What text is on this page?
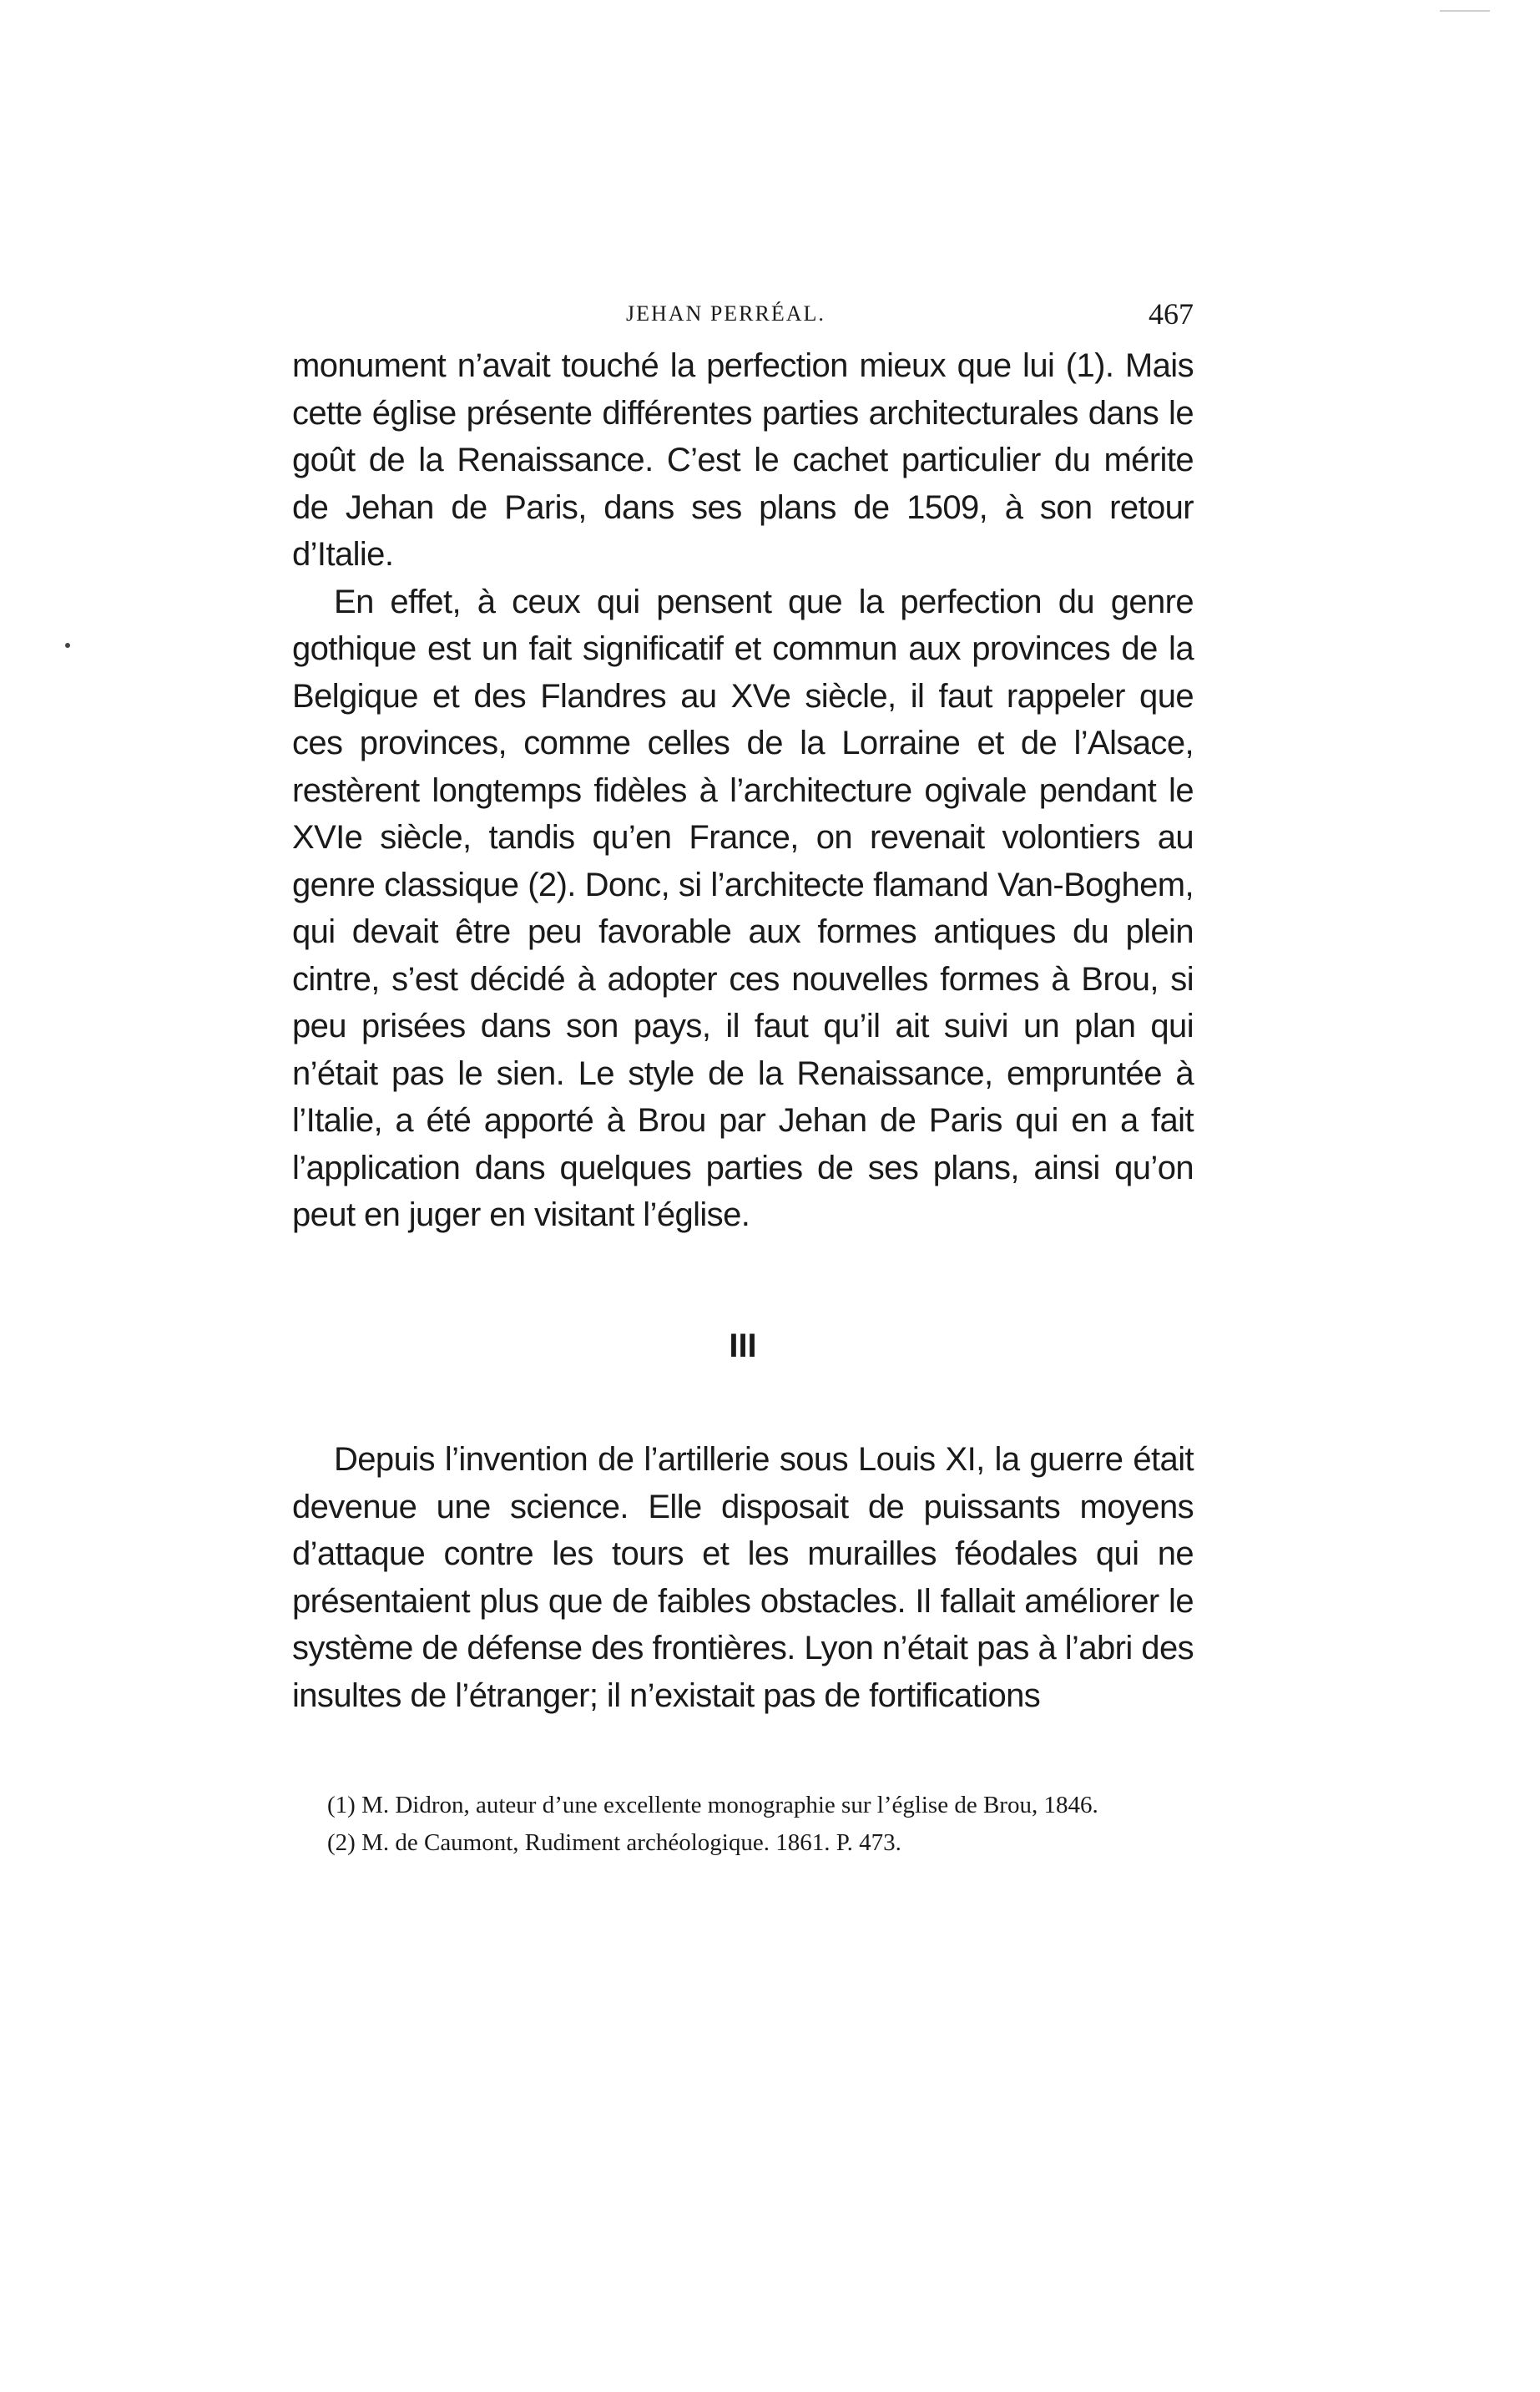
JEHAN PERRÉAL.	467

monument n’avait touché la perfection mieux que lui (1). Mais cette église présente différentes parties architecturales dans le goût de la Renaissance. C’est le cachet particulier du mérite de Jehan de Paris, dans ses plans de 1509, à son retour d’Italie.

En effet, à ceux qui pensent que la perfection du genre gothique est un fait significatif et commun aux provinces de la Belgique et des Flandres au XVe siècle, il faut rappeler que ces provinces, comme celles de la Lorraine et de l’Alsace, restèrent longtemps fidèles à l’architecture ogivale pendant le XVIe siècle, tandis qu’en France, on revenait volontiers au genre classique (2). Donc, si l’architecte flamand Van-Boghem, qui devait être peu favorable aux formes antiques du plein cintre, s’est décidé à adopter ces nouvelles formes à Brou, si peu prisées dans son pays, il faut qu’il ait suivi un plan qui n’était pas le sien. Le style de la Renaissance, empruntée à l’Italie, a été apporté à Brou par Jehan de Paris qui en a fait l’application dans quelques parties de ses plans, ainsi qu’on peut en juger en visitant l’église.

III

Depuis l’invention de l’artillerie sous Louis XI, la guerre était devenue une science. Elle disposait de puissants moyens d’attaque contre les tours et les murailles féodales qui ne présentaient plus que de faibles obstacles. Il fallait améliorer le système de défense des frontières. Lyon n’était pas à l’abri des insultes de l’étranger; il n’existait pas de fortifications

(1) M. Didron, auteur d’une excellente monographie sur l’église de Brou, 1846.

(2) M. de Caumont, Rudiment archéologique. 1861. P. 473.
